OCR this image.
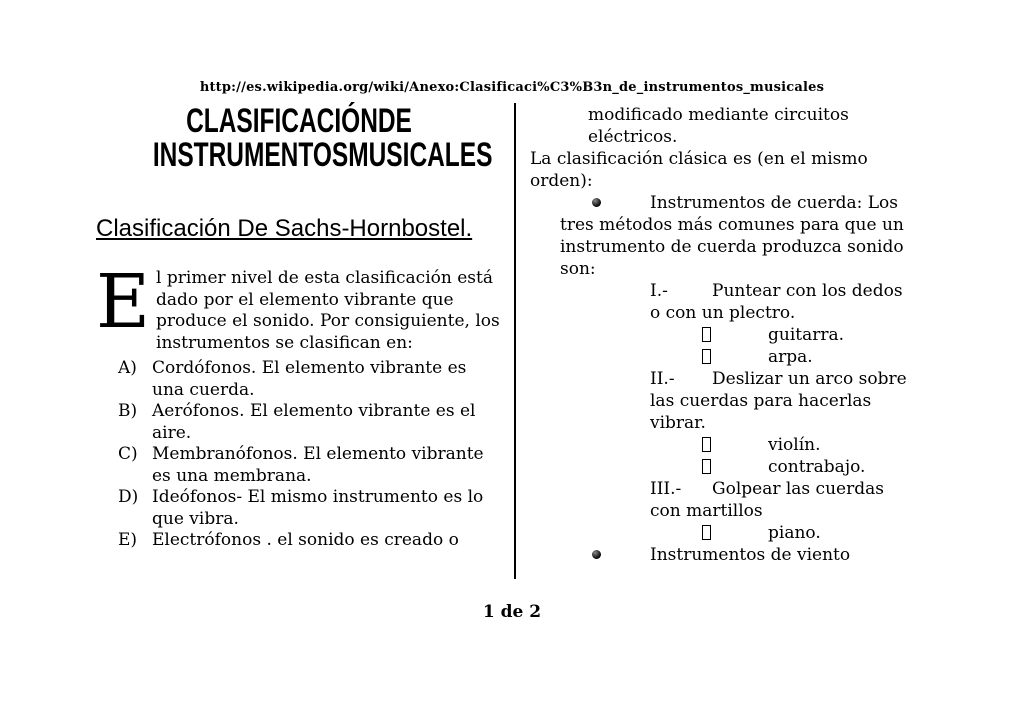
http://es.wikipedia.org/wiki/Anexo:Clasificaci%C3%B3n_de_instrumentos_musicales
CLASIFICACIÓNDE
INSTRUMENTOSMUSICALES
Clasificación De Sachs-Hornbostel.

El primer nivel de esta clasificación está dado por el elemento vibrante que produce el sonido. Por consiguiente, los instrumentos se clasifican en:

A) Cordófonos. El elemento vibrante es una cuerda.
B) Aerófonos. El elemento vibrante es el aire.
C) Membranófonos. El elemento vibrante es una membrana.
D) Ideófonos- El mismo instrumento es lo que vibra.
E) Electrófonos . el sonido es creado o

modificado mediante circuitos eléctricos.

La clasificación clásica es (en el mismo orden):

Instrumentos de cuerda: Los tres métodos más comunes para que un instrumento de cuerda produzca sonido son:
I.-	Puntear con los dedos o con un plectro.
guitarra.
arpa.
II.- Deslizar un arco sobre las cuerdas para hacerlas vibrar.
violín.
contrabajo.
III.- Golpear las cuerdas con martillos
piano.
Instrumentos de viento
1 de 2
